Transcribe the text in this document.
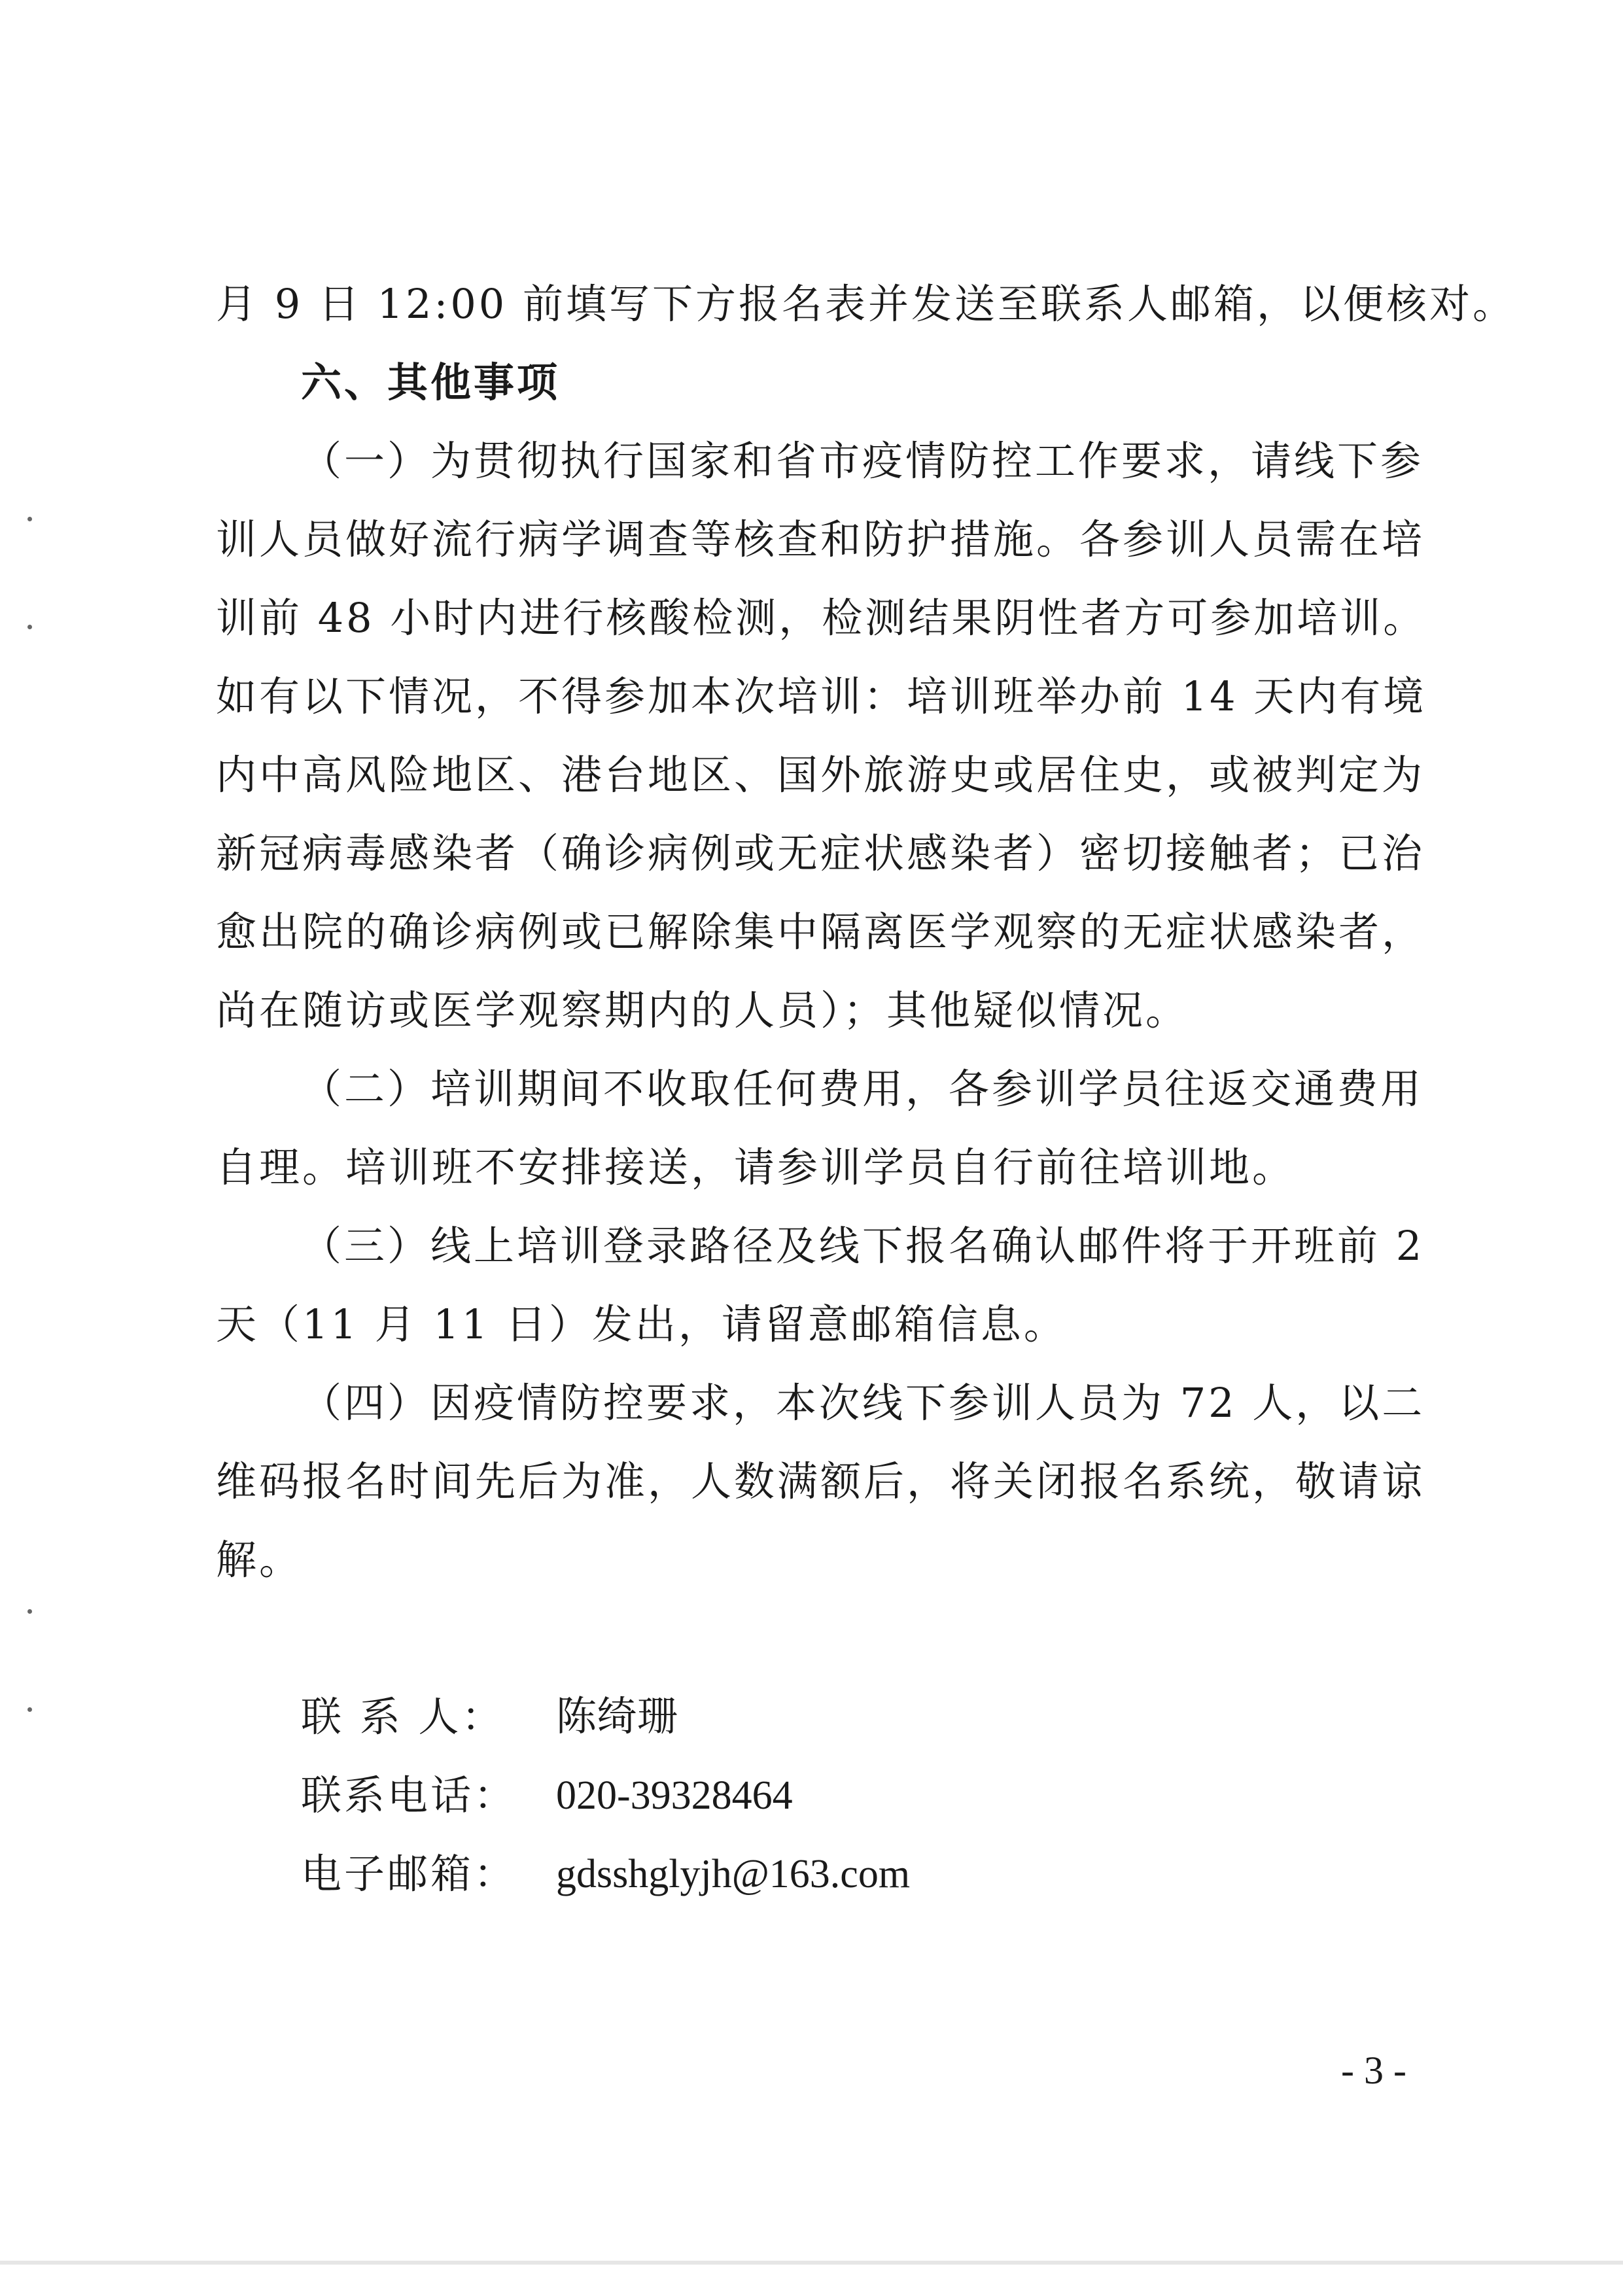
月 9 日 12:00 前填写下方报名表并发送至联系人邮箱，以便核对。
六、其他事项
（一）为贯彻执行国家和省市疫情防控工作要求，请线下参
训人员做好流行病学调查等核查和防护措施。各参训人员需在培
训前 48 小时内进行核酸检测，检测结果阴性者方可参加培训。
如有以下情况，不得参加本次培训：培训班举办前 14 天内有境
内中高风险地区、港台地区、国外旅游史或居住史，或被判定为
新冠病毒感染者（确诊病例或无症状感染者）密切接触者；已治
愈出院的确诊病例或已解除集中隔离医学观察的无症状感染者，
尚在随访或医学观察期内的人员）；其他疑似情况。
（二）培训期间不收取任何费用，各参训学员往返交通费用
自理。培训班不安排接送，请参训学员自行前往培训地。
（三）线上培训登录路径及线下报名确认邮件将于开班前 2
天（11 月 11 日）发出，请留意邮箱信息。
（四）因疫情防控要求，本次线下参训人员为 72 人，以二
维码报名时间先后为准，人数满额后，将关闭报名系统，敬请谅
解。
联 系 人： 陈绮珊
联系电话： 020-39328464
电子邮箱： gdsshglyjh@163.com
- 3 -
